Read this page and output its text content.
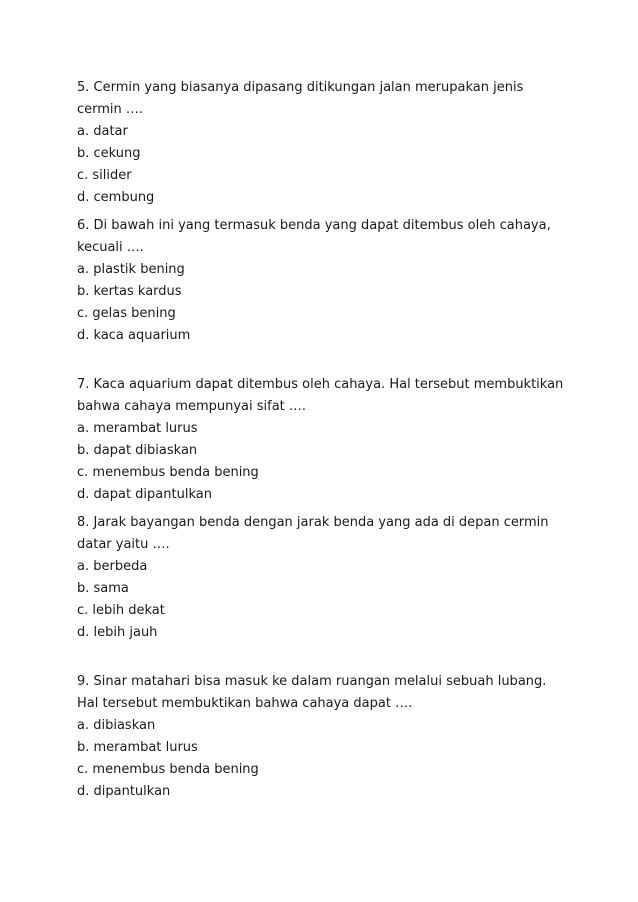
5. Cermin yang biasanya dipasang ditikungan jalan merupakan jenis cermin ….

a. datar

b. cekung

c. silider

d. cembung

6. Di bawah ini yang termasuk benda yang dapat ditembus oleh cahaya, kecuali ….

a. plastik bening

b. kertas kardus

c. gelas bening

d. kaca aquarium

7. Kaca aquarium dapat ditembus oleh cahaya. Hal tersebut membuktikan bahwa cahaya mempunyai sifat ….

a. merambat lurus

b. dapat dibiaskan

c. menembus benda bening

d. dapat dipantulkan

8. Jarak bayangan benda dengan jarak benda yang ada di depan cermin datar yaitu ….

a. berbeda

b. sama

c. lebih dekat

d. lebih jauh

9. Sinar matahari bisa masuk ke dalam ruangan melalui sebuah lubang. Hal tersebut membuktikan bahwa cahaya dapat ….

a. dibiaskan

b. merambat lurus

c. menembus benda bening

d. dipantulkan
